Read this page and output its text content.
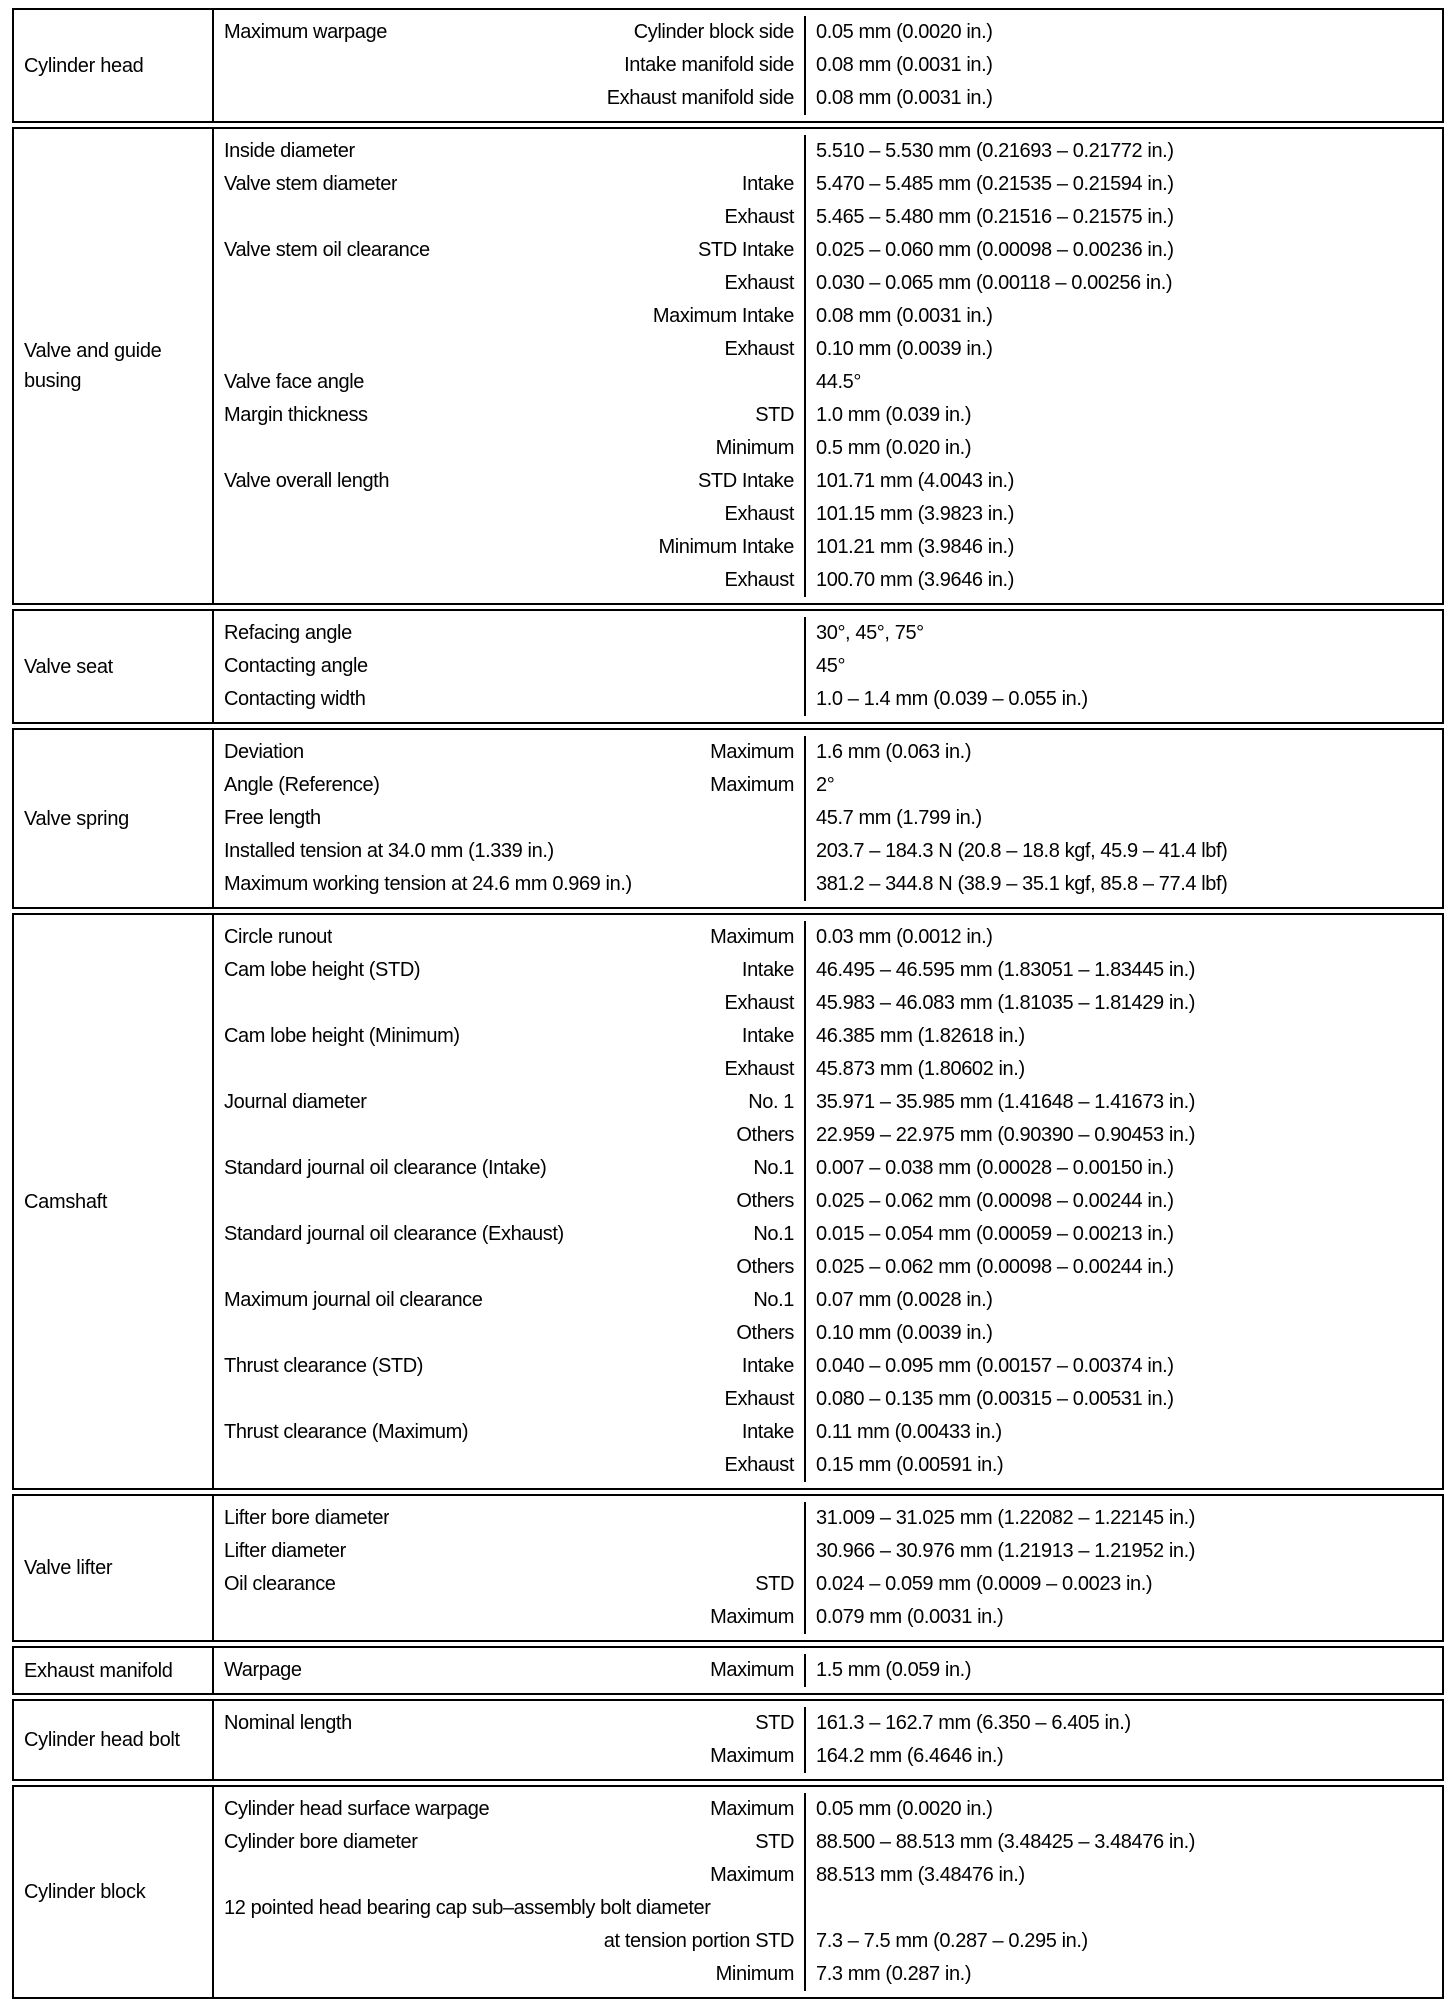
Cylinder head
Maximum warpage	Cylinder block side	0.05 mm (0.0020 in.)
Intake manifold side	0.08 mm (0.0031 in.)
Exhaust manifold side	0.08 mm (0.0031 in.)
Valve and guide busing
Inside diameter	5.510 – 5.530 mm (0.21693 – 0.21772 in.)
Valve stem diameter	Intake	5.470 – 5.485 mm (0.21535 – 0.21594 in.)
Exhaust	5.465 – 5.480 mm (0.21516 – 0.21575 in.)
Valve stem oil clearance	STD Intake	0.025 – 0.060 mm (0.00098 – 0.00236 in.)
Exhaust	0.030 – 0.065 mm (0.00118 – 0.00256 in.)
Maximum Intake	0.08 mm (0.0031 in.)
Exhaust	0.10 mm (0.0039 in.)
Valve face angle	44.5°
Margin thickness	STD	1.0 mm (0.039 in.)
Minimum	0.5 mm (0.020 in.)
Valve overall length	STD Intake	101.71 mm (4.0043 in.)
Exhaust	101.15 mm (3.9823 in.)
Minimum Intake	101.21 mm (3.9846 in.)
Exhaust	100.70 mm (3.9646 in.)
Valve seat
Refacing angle	30°, 45°, 75°
Contacting angle	45°
Contacting width	1.0 – 1.4 mm (0.039 – 0.055 in.)
Valve spring
Deviation	Maximum	1.6 mm (0.063 in.)
Angle (Reference)	Maximum	2°
Free length	45.7 mm (1.799 in.)
Installed tension at 34.0 mm (1.339 in.)	203.7 – 184.3 N (20.8 – 18.8 kgf, 45.9 – 41.4 lbf)
Maximum working tension at 24.6 mm 0.969 in.)	381.2 – 344.8 N (38.9 – 35.1 kgf, 85.8 – 77.4 lbf)
Camshaft
Circle runout	Maximum	0.03 mm (0.0012 in.)
Cam lobe height (STD)	Intake	46.495 – 46.595 mm (1.83051 – 1.83445 in.)
Exhaust	45.983 – 46.083 mm (1.81035 – 1.81429 in.)
Cam lobe height (Minimum)	Intake	46.385 mm (1.82618 in.)
Exhaust	45.873 mm (1.80602 in.)
Journal diameter	No. 1	35.971 – 35.985 mm (1.41648 – 1.41673 in.)
Others	22.959 – 22.975 mm (0.90390 – 0.90453 in.)
Standard journal oil clearance (Intake)	No.1	0.007 – 0.038 mm (0.00028 – 0.00150 in.)
Others	0.025 – 0.062 mm (0.00098 – 0.00244 in.)
Standard journal oil clearance (Exhaust)	No.1	0.015 – 0.054 mm (0.00059 – 0.00213 in.)
Others	0.025 – 0.062 mm (0.00098 – 0.00244 in.)
Maximum journal oil clearance	No.1	0.07 mm (0.0028 in.)
Others	0.10 mm (0.0039 in.)
Thrust clearance (STD)	Intake	0.040 – 0.095 mm (0.00157 – 0.00374 in.)
Exhaust	0.080 – 0.135 mm (0.00315 – 0.00531 in.)
Thrust clearance (Maximum)	Intake	0.11 mm (0.00433 in.)
Exhaust	0.15 mm (0.00591 in.)
Valve lifter
Lifter bore diameter	31.009 – 31.025 mm (1.22082 – 1.22145 in.)
Lifter diameter	30.966 – 30.976 mm (1.21913 – 1.21952 in.)
Oil clearance	STD	0.024 – 0.059 mm (0.0009 – 0.0023 in.)
Maximum	0.079 mm (0.0031 in.)
Exhaust manifold	Warpage	Maximum	1.5 mm (0.059 in.)
Cylinder head bolt
Nominal length	STD	161.3 – 162.7 mm (6.350 – 6.405 in.)
Maximum	164.2 mm (6.4646 in.)
Cylinder block
Cylinder head surface warpage	Maximum	0.05 mm (0.0020 in.)
Cylinder bore diameter	STD	88.500 – 88.513 mm (3.48425 – 3.48476 in.)
Maximum	88.513 mm (3.48476 in.)
12 pointed head bearing cap sub–assembly bolt diameter
at tension portion STD	7.3 – 7.5 mm (0.287 – 0.295 in.)
Minimum	7.3 mm (0.287 in.)
